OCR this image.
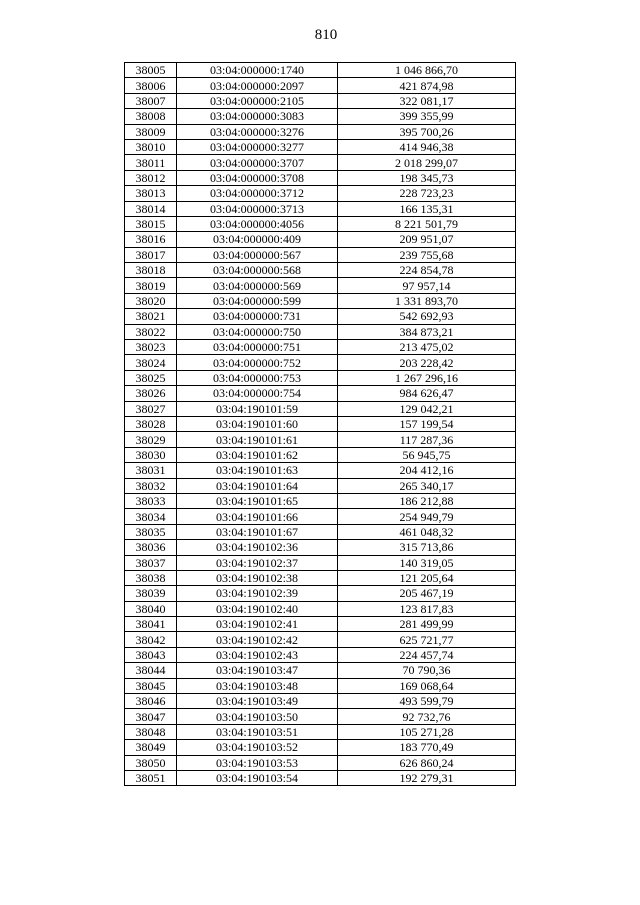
810
38005	03:04:000000:1740	1 046 866,70
38006	03:04:000000:2097	421 874,98
38007	03:04:000000:2105	322 081,17
38008	03:04:000000:3083	399 355,99
38009	03:04:000000:3276	395 700,26
38010	03:04:000000:3277	414 946,38
38011	03:04:000000:3707	2 018 299,07
38012	03:04:000000:3708	198 345,73
38013	03:04:000000:3712	228 723,23
38014	03:04:000000:3713	166 135,31
38015	03:04:000000:4056	8 221 501,79
38016	03:04:000000:409	209 951,07
38017	03:04:000000:567	239 755,68
38018	03:04:000000:568	224 854,78
38019	03:04:000000:569	97 957,14
38020	03:04:000000:599	1 331 893,70
38021	03:04:000000:731	542 692,93
38022	03:04:000000:750	384 873,21
38023	03:04:000000:751	213 475,02
38024	03:04:000000:752	203 228,42
38025	03:04:000000:753	1 267 296,16
38026	03:04:000000:754	984 626,47
38027	03:04:190101:59	129 042,21
38028	03:04:190101:60	157 199,54
38029	03:04:190101:61	117 287,36
38030	03:04:190101:62	56 945,75
38031	03:04:190101:63	204 412,16
38032	03:04:190101:64	265 340,17
38033	03:04:190101:65	186 212,88
38034	03:04:190101:66	254 949,79
38035	03:04:190101:67	461 048,32
38036	03:04:190102:36	315 713,86
38037	03:04:190102:37	140 319,05
38038	03:04:190102:38	121 205,64
38039	03:04:190102:39	205 467,19
38040	03:04:190102:40	123 817,83
38041	03:04:190102:41	281 499,99
38042	03:04:190102:42	625 721,77
38043	03:04:190102:43	224 457,74
38044	03:04:190103:47	70 790,36
38045	03:04:190103:48	169 068,64
38046	03:04:190103:49	493 599,79
38047	03:04:190103:50	92 732,76
38048	03:04:190103:51	105 271,28
38049	03:04:190103:52	183 770,49
38050	03:04:190103:53	626 860,24
38051	03:04:190103:54	192 279,31
